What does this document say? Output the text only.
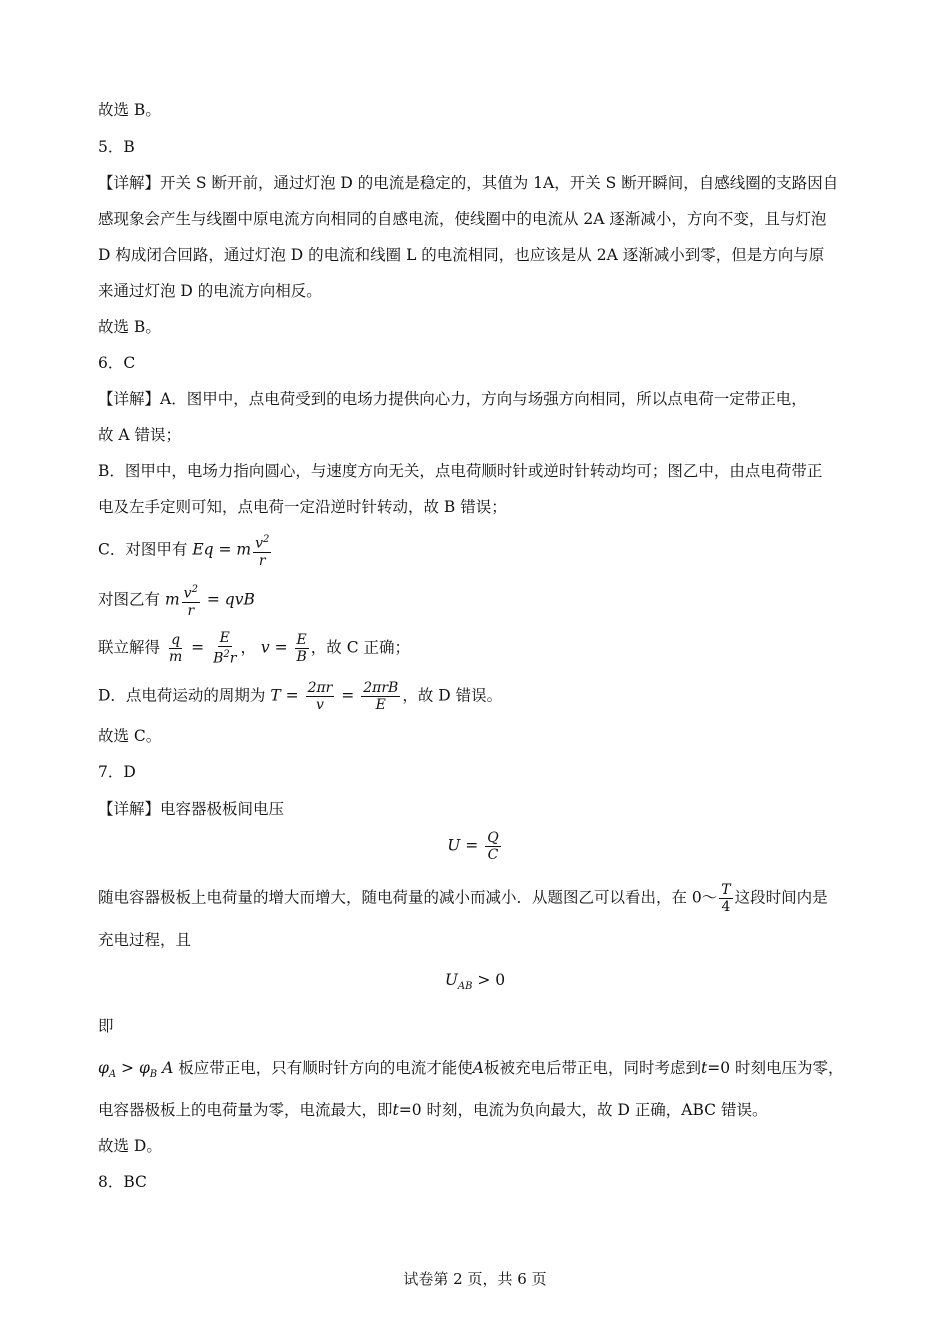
故选 B。
5．B
【详解】开关 S 断开前，通过灯泡 D 的电流是稳定的，其值为 1A，开关 S 断开瞬间，自感线圈的支路因自
感现象会产生与线圈中原电流方向相同的自感电流，使线圈中的电流从 2A 逐渐减小，方向不变，且与灯泡
D 构成闭合回路，通过灯泡 D 的电流和线圈 L 的电流相同，也应该是从 2A 逐渐减小到零，但是方向与原
来通过灯泡 D 的电流方向相反。
故选 B。
6．C
【详解】A．图甲中，点电荷受到的电场力提供向心力，方向与场强方向相同，所以点电荷一定带正电，
故 A 错误；
B．图甲中，电场力指向圆心，与速度方向无关，点电荷顺时针或逆时针转动均可；图乙中，由点电荷带正
电及左手定则可知，点电荷一定沿逆时针转动，故 B 错误；
C．对图甲有 Eq = m $\frac{v^2}{r}$
对图乙有 m $\frac{v^2}{r}$ = qvB
联立解得 $\frac{q}{m} = \frac{E}{B^2r}$ ， $v = \frac{E}{B}$ ，故 C 正确；
D．点电荷运动的周期为 $T = \frac{2\pi r}{v} = \frac{\text{2πrB}}{E}$ ，故 D 错误。
故选 C。
7．D
【详解】电容器极板间电压
$U = \frac{Q}{C}$
随电容器极板上电荷量的增大而增大，随电荷量的减小而减小．从题图乙可以看出，在 0～ $\frac{T}{4}$ 这段时间内是
充电过程，且
$U_{AB} > 0$
即
$\varphi_A > \varphi_B$ A 板应带正电，只有顺时针方向的电流才能使A板被充电后带正电，同时考虑到t=0 时刻电压为零，
电容器极板上的电荷量为零，电流最大，即t=0 时刻，电流为负向最大，故 D 正确，ABC 错误。
故选 D。
8．BC
试卷第 2 页，共 6 页
